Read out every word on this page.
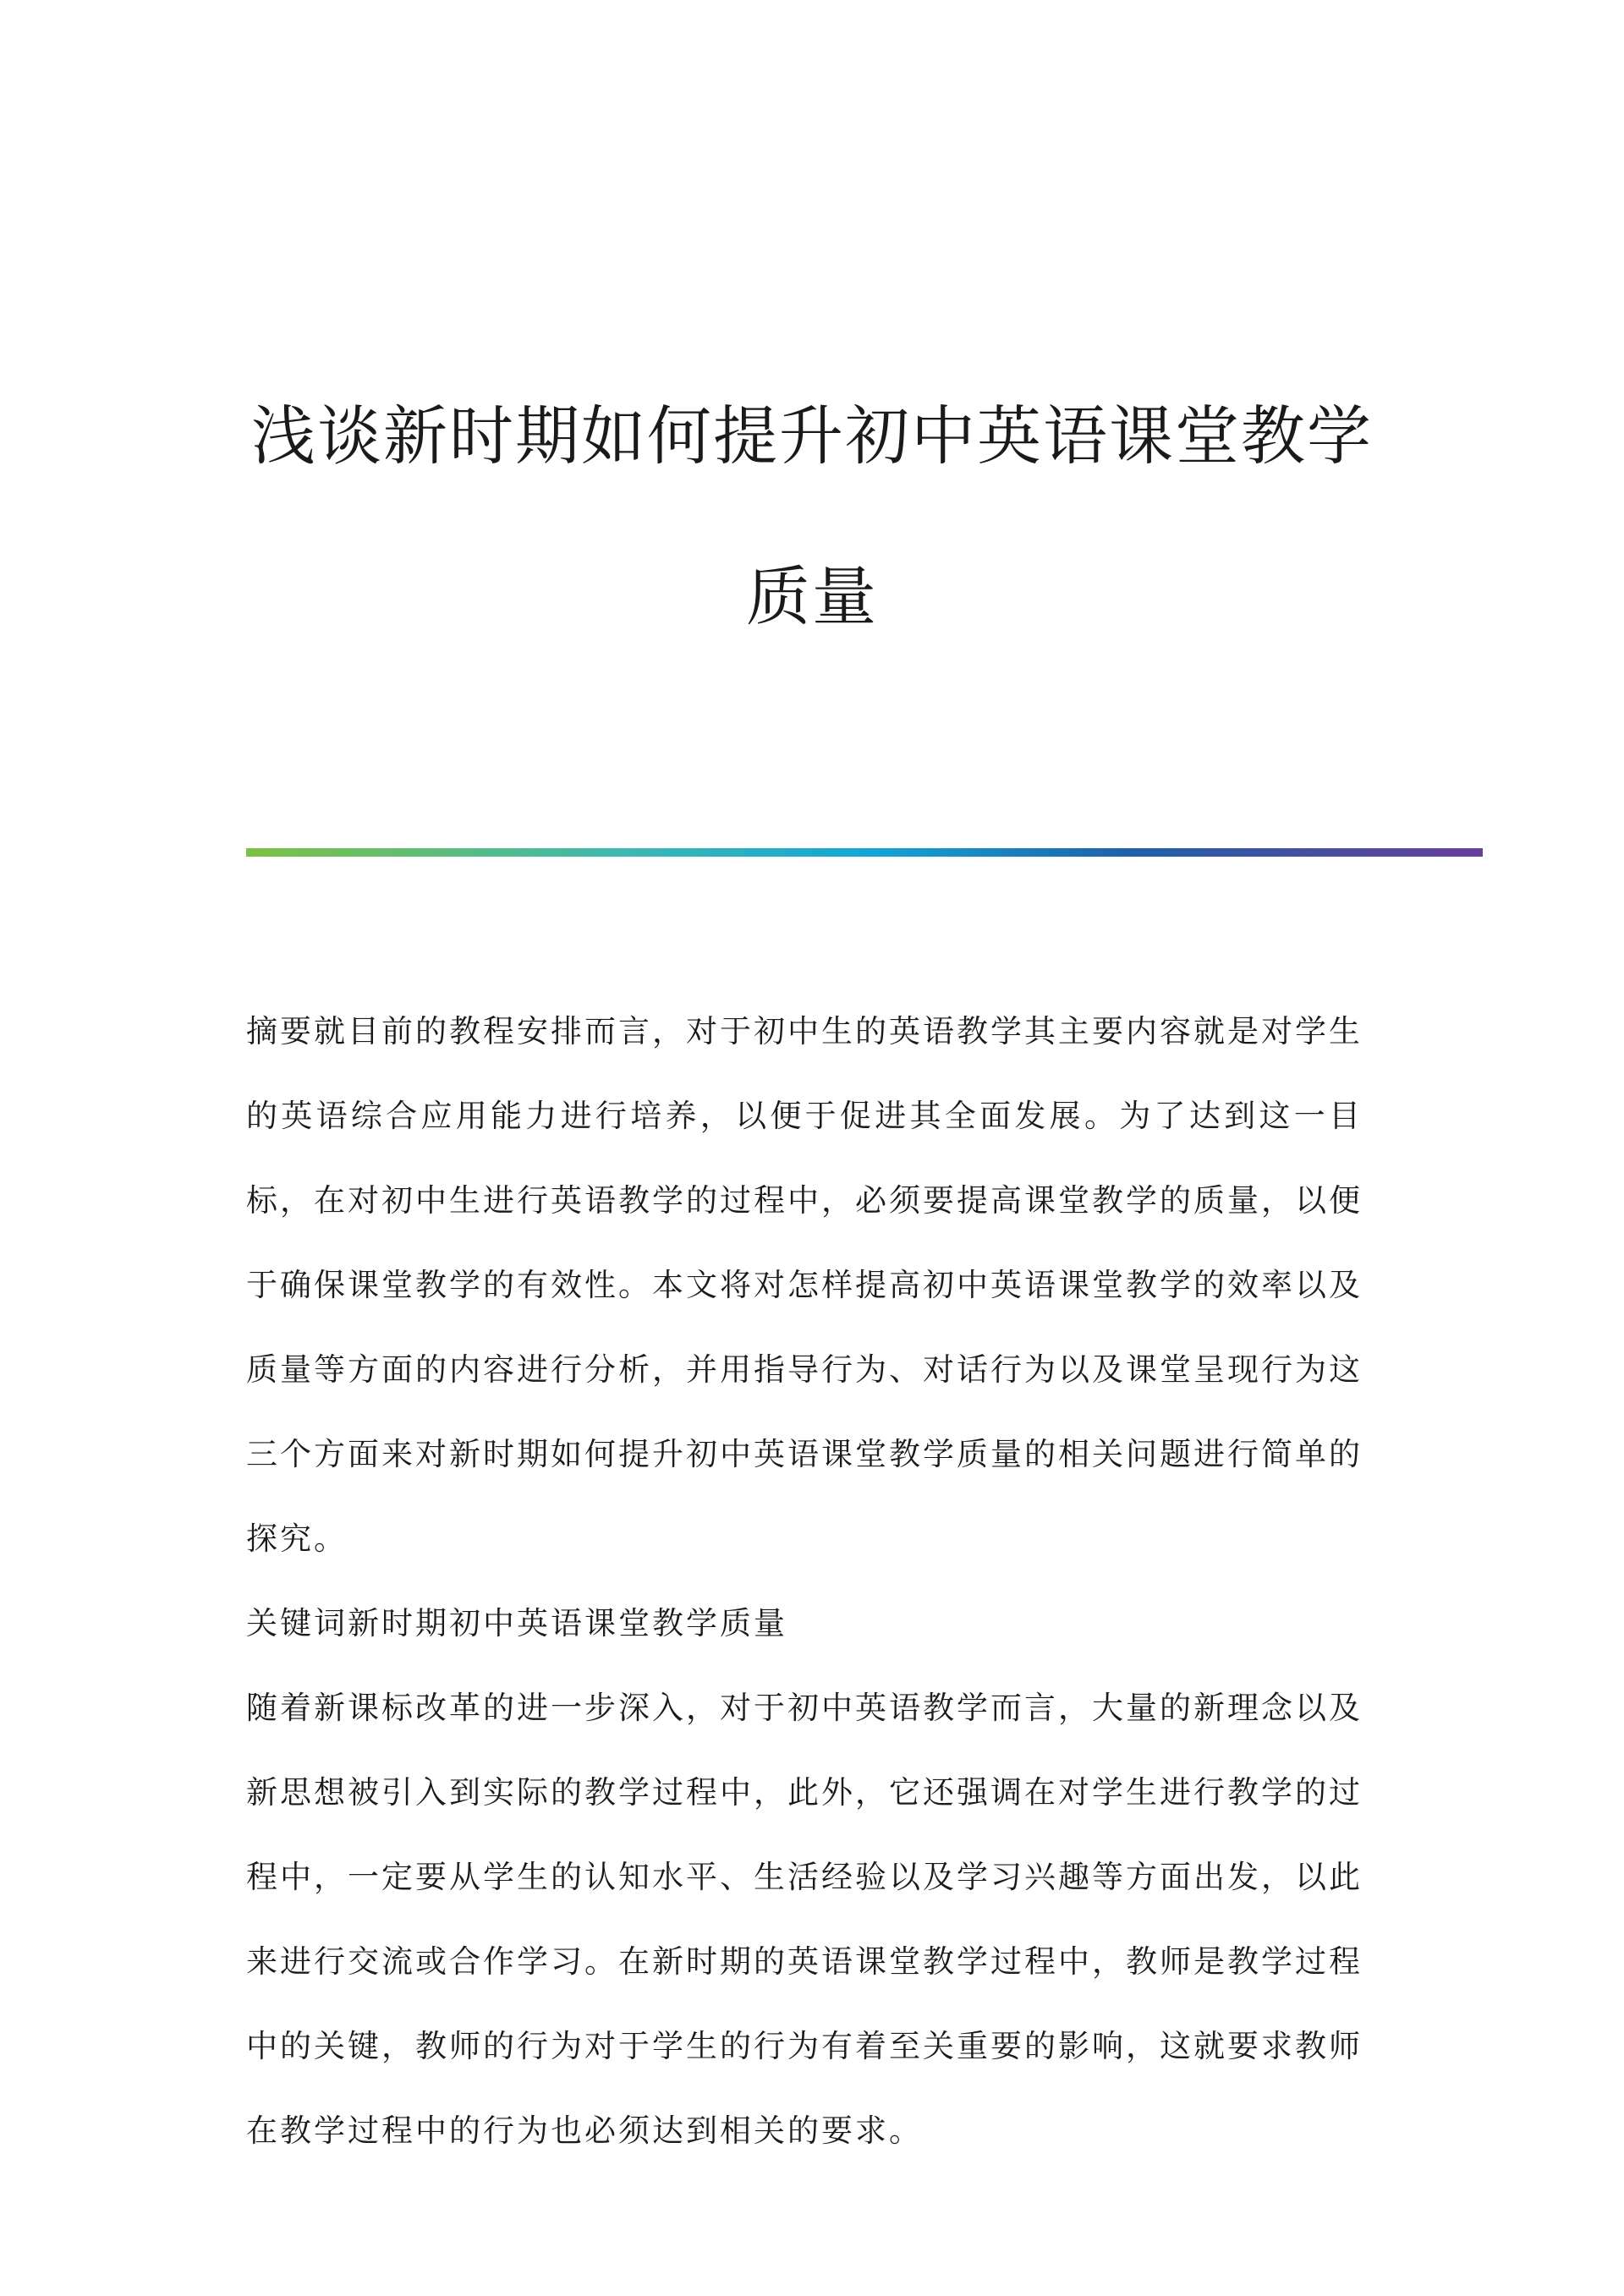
浅谈新时期如何提升初中英语课堂教学
质量

摘要就目前的教程安排而言，对于初中生的英语教学其主要内容就是对学生的英语综合应用能力进行培养，以便于促进其全面发展。为了达到这一目标，在对初中生进行英语教学的过程中，必须要提高课堂教学的质量，以便于确保课堂教学的有效性。本文将对怎样提高初中英语课堂教学的效率以及质量等方面的内容进行分析，并用指导行为、对话行为以及课堂呈现行为这三个方面来对新时期如何提升初中英语课堂教学质量的相关问题进行简单的探究。

关键词新时期初中英语课堂教学质量

随着新课标改革的进一步深入，对于初中英语教学而言，大量的新理念以及新思想被引入到实际的教学过程中，此外，它还强调在对学生进行教学的过程中，一定要从学生的认知水平、生活经验以及学习兴趣等方面出发，以此来进行交流或合作学习。在新时期的英语课堂教学过程中，教师是教学过程中的关键，教师的行为对于学生的行为有着至关重要的影响，这就要求教师在教学过程中的行为也必须达到相关的要求。
